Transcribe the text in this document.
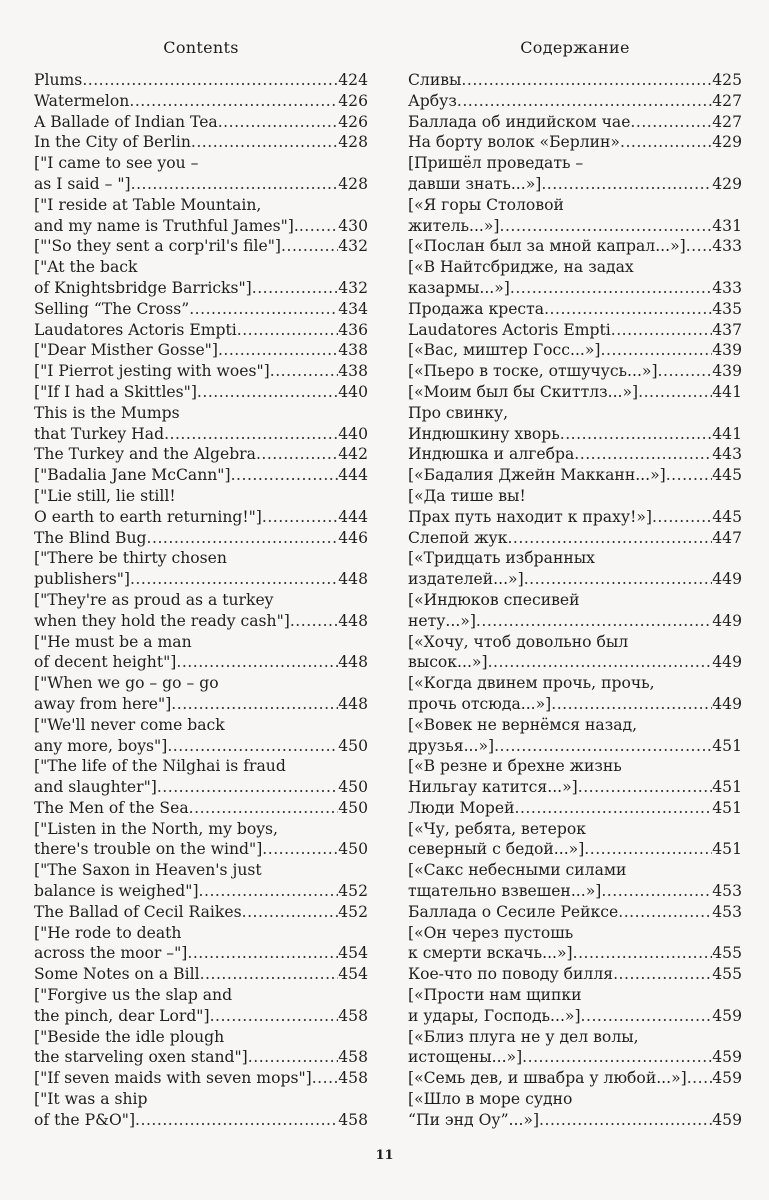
Contents
Plums .....	424
Watermelon .....	426
A Ballade of Indian Tea .....	426
In the City of Berlin .....	428
["I came to see you –
as I said – "] .....	428
["I reside at Table Mountain,
and my name is Truthful James"]. .....	430
["'So they sent a corp'ril's file"] .....	432
["At the back
of Knightsbridge Barricks"] .....	432
Selling “The Cross” .....	434
Laudatores Actoris Empti .....	436
["Dear Misther Gosse"] .....	438
["I Pierrot jesting with woes"] .....	438
["If I had a Skittles"] .....	440
This is the Mumps
that Turkey Had .....	440
The Turkey and the Algebra .....	442
["Badalia Jane McCann"] .....	444
["Lie still, lie still!
O earth to earth returning!"] .....	444
The Blind Bug .....	446
["There be thirty chosen
publishers"] .....	448
["They're as proud as a turkey
when they hold the ready cash"] .....	448
["He must be a man
of decent height"] .....	448
["When we go – go – go
away from here"] .....	448
["We'll never come back
any more, boys"] .....	450
["The life of the Nilghai is fraud
and slaughter"] .....	450
The Men of the Sea .....	450
["Listen in the North, my boys,
there's trouble on the wind"] .....	450
["The Saxon in Heaven's just
balance is weighed"] .....	452
The Ballad of Cecil Raikes .....	452
["He rode to death
across the moor –"] .....	454
Some Notes on a Bill .....	454
["Forgive us the slap and
the pinch, dear Lord"] .....	458
["Beside the idle plough
the starveling oxen stand"] .....	458
["If seven maids with seven mops"] ..... 458
["It was a ship
of the P&O"] .....	458
Содержание
Сливы .....	425
Арбуз .....	427
Баллада об индийском чае .....	427
На борту волок «Берлин» .....	429
[Пришёл проведать –
давши знать...»] .....	429
[«Я горы Столовой
житель...»] .....	431
[«Послан был за мной капрал...»] ..... 433
[«В Найтсбридже, на задах
казармы...»] .....	433
Продажа креста .....	435
Laudatores Actoris Empti .....	437
[«Вас, миштер Госс...»] .....	439
[«Пьеро в тоске, отшучусь...»] .....	439
[«Моим был бы Скиттлз...»] .....	441
Про свинку,
Индюшкину хворь .....	441
Индюшка и алгебра .....	443
[«Бадалия Джейн Макканн...»] .....	445
[«Да тише вы!
Прах путь находит к праху!»] .....	445
Слепой жук .....	447
[«Тридцать избранных
издателей...»] .....	449
[«Индюков спесивей
нету...»] .....	449
[«Хочу, чтоб довольно был
высок...»] .....	449
[«Когда двинем прочь, прочь,
прочь отсюда...»] .....	449
[«Вовек не вернёмся назад,
друзья...»] .....	451
[«В резне и брехне жизнь
Нильгау катится...»] .....	451
Люди Морей .....	451
[«Чу, ребята, ветерок
северный с бедой...»] .....	451
[«Сакс небесными силами
тщательно взвешен...»] .....	453
Баллада о Сесиле Рейксе .....	453
[«Он через пустошь
к смерти вскачь...»] .....	455
Кое-что по поводу билля .....	455
[«Прости нам щипки
и удары, Господь...»] .....	459
[«Близ плуга не у дел волы,
истощены...»] .....	459
[«Семь дев, и швабра у любой...»] ..... 459
[«Шло в море судно
“Пи энд Оу”...»] .....	459
11
